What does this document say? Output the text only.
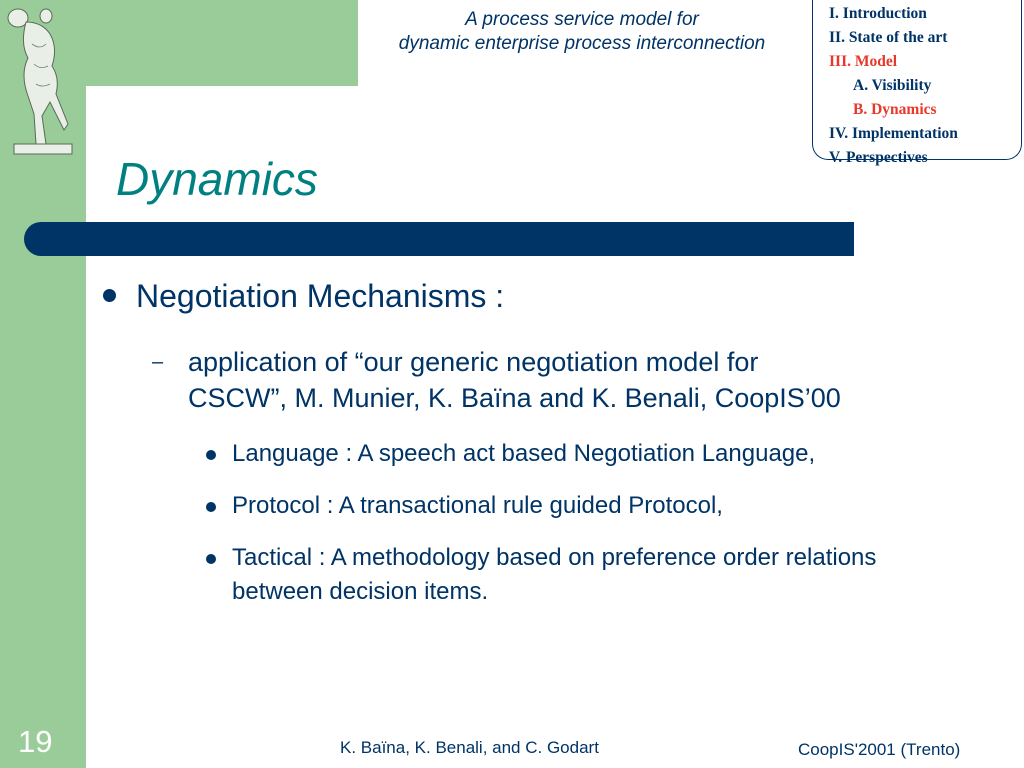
A process service model for
dynamic enterprise process interconnection
I. Introduction
II. State of the art
III. Model
A. Visibility
B. Dynamics
IV. Implementation
V. Perspectives
Dynamics
Negotiation Mechanisms :
– application of “our generic negotiation model for
CSCW”, M. Munier, K. Baïna and K. Benali, CoopIS’00
Language : A speech act based Negotiation Language,
Protocol : A transactional rule guided Protocol,
Tactical : A methodology based on preference order relations
between decision items.
19	K. Baïna, K. Benali, and C. Godart	CoopIS'2001 (Trento)
